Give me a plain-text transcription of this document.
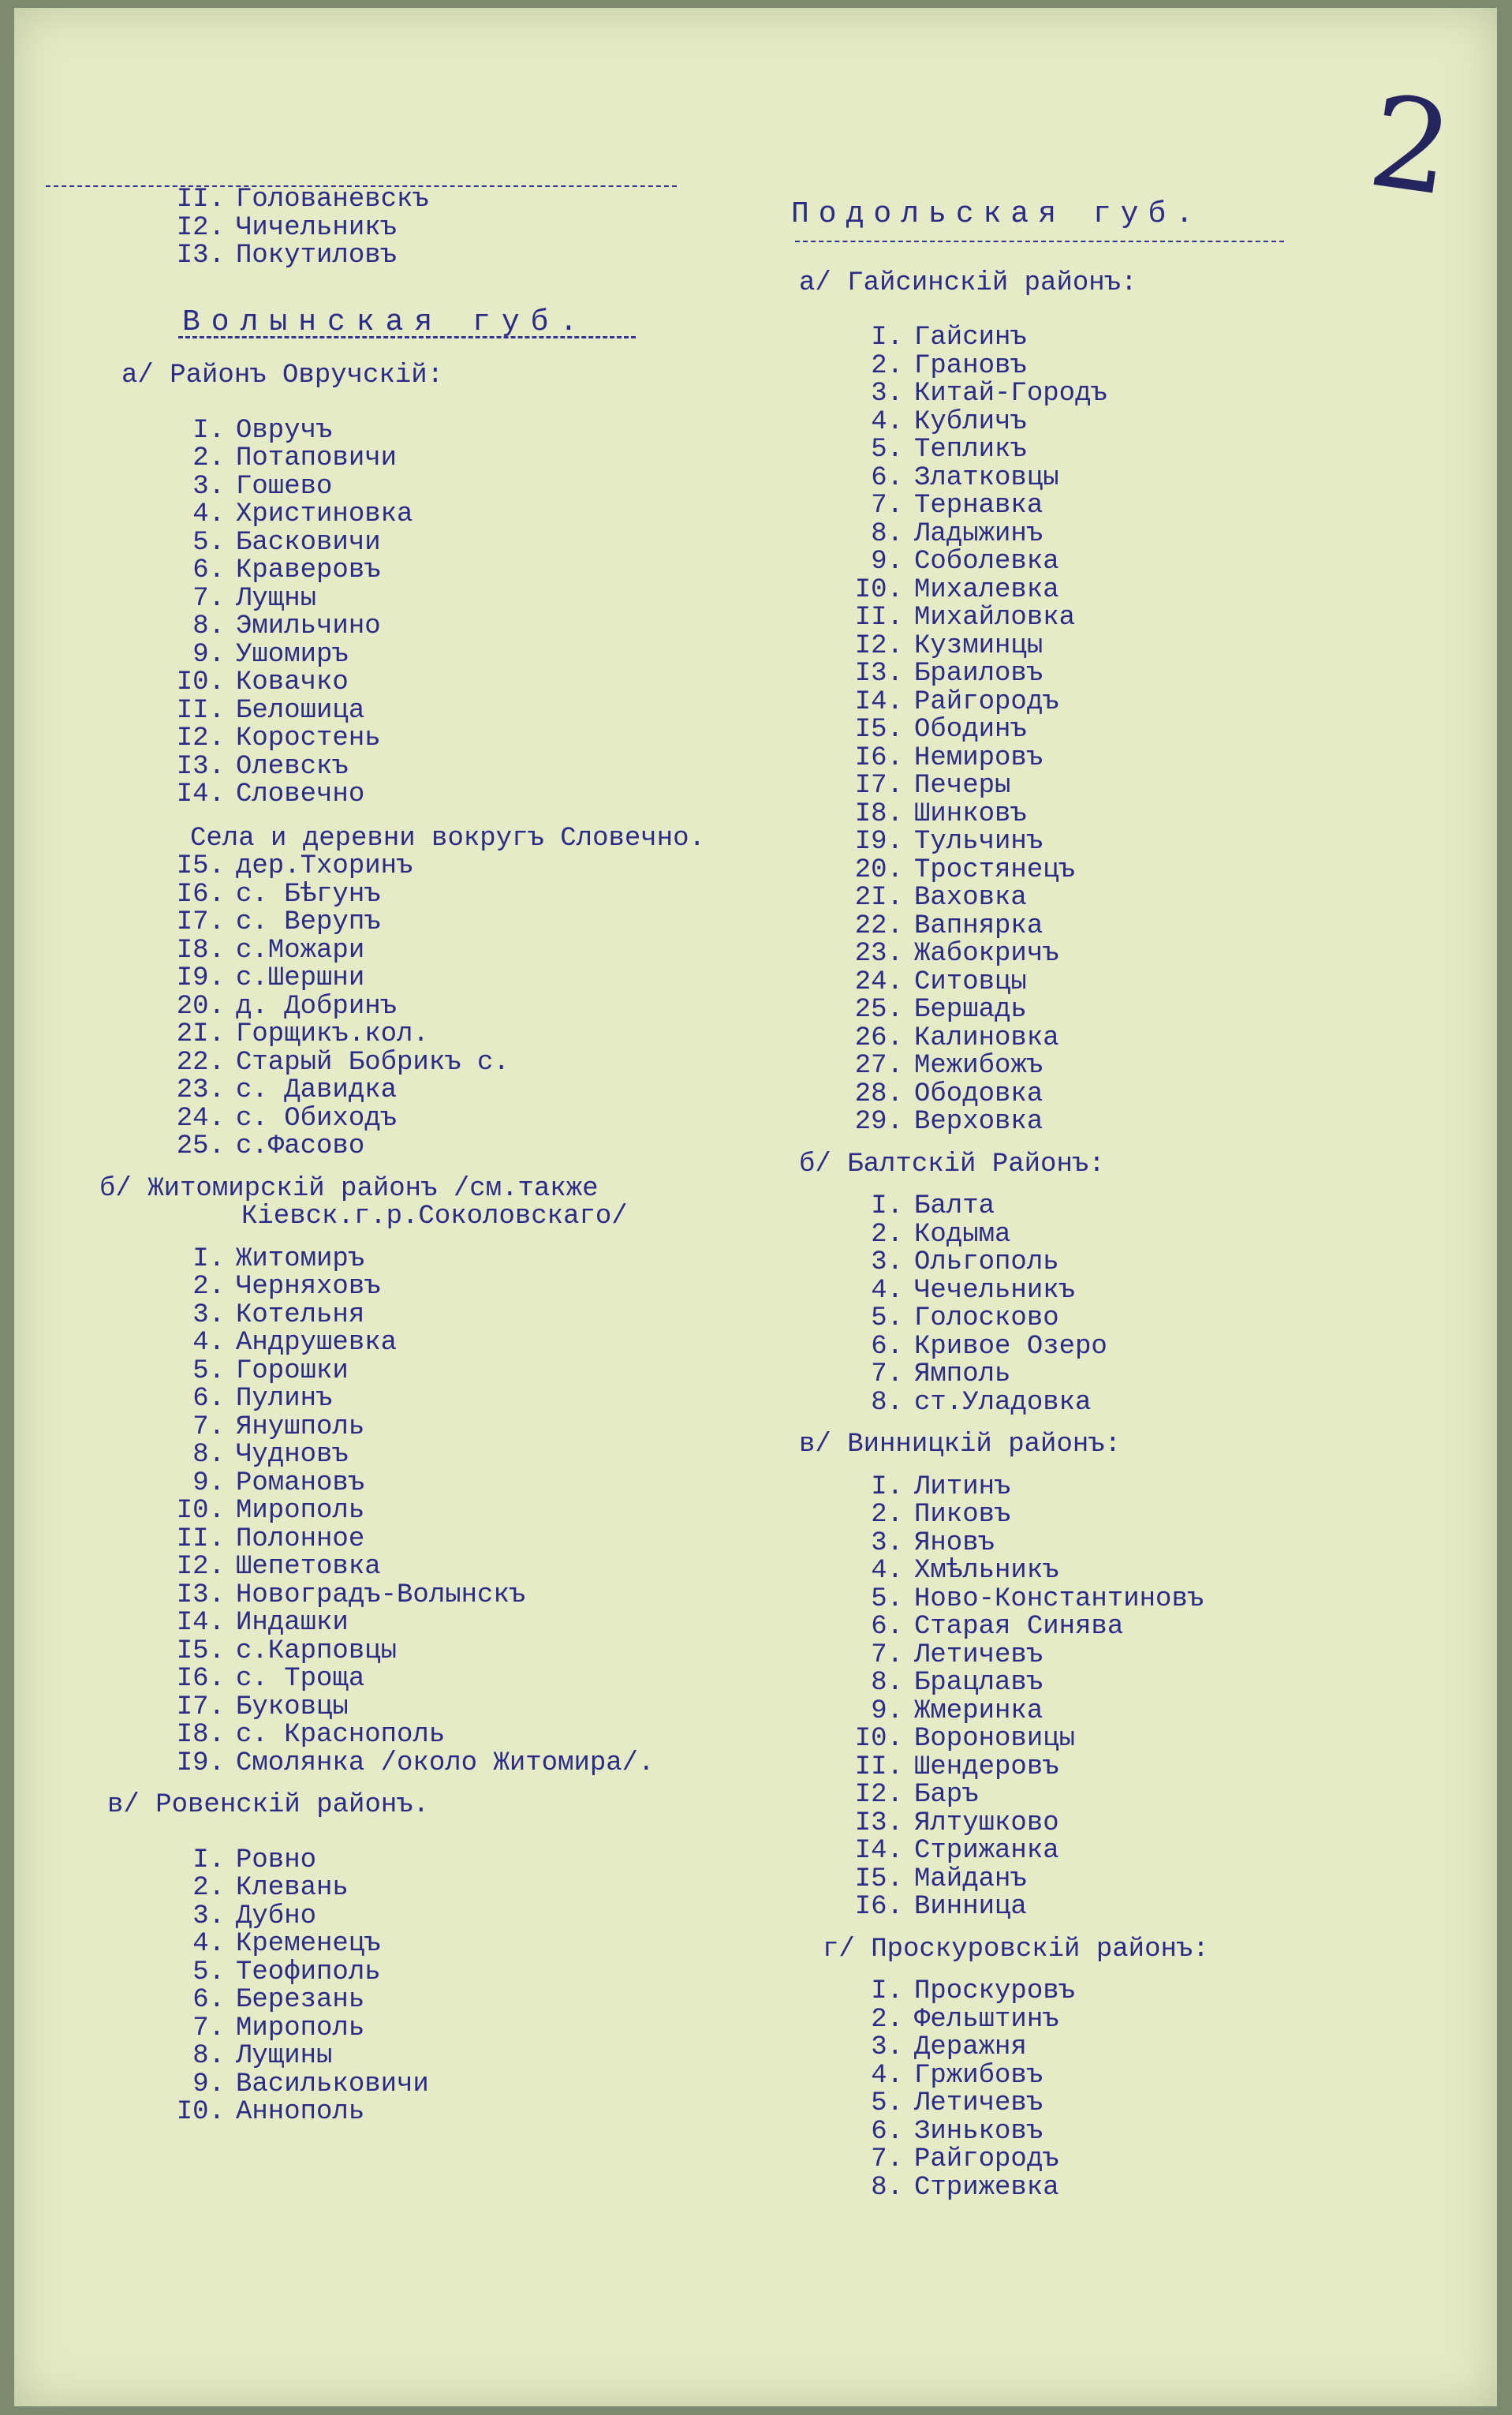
2
II. Голованевскъ
I2. Чичельникъ
I3. Покутиловъ
Волынская губ.
а/ Районъ Овручскій:
I. Овручъ
2. Потаповичи
3. Гошево
4. Христиновка
5. Басковичи
6. Краверовъ
7. Лущны
8. Эмильчино
9. Ушомиръ
I0. Ковачко
II. Белошица
I2. Коростень
I3. Олевскъ
I4. Словечно
Села и деревни вокругъ Словечно.
I5. дер.Тхоринъ
I6. с. Бѣгунъ
I7. с. Верупъ
I8. с.Можари
I9. с.Шершни
20. д. Добринъ
2I. Горщикъ.кол.
22. Старый Бобрикъ с.
23. с. Давидка
24. с. Обиходъ
25. с.Фасово
б/ Житомирскій районъ /см.также
Кіевск.г.р.Соколовскаго/
I. Житомиръ
2. Черняховъ
3. Котельня
4. Андрушевка
5. Горошки
6. Пулинъ
7. Янушполь
8. Чудновъ
9. Романовъ
I0. Мирополь
II. Полонное
I2. Шепетовка
I3. Новоградъ-Волынскъ
I4. Индашки
I5. с.Карповцы
I6. с. Троща
I7. Буковцы
I8. с. Краснополь
I9. Смолянка /около Житомира/.
в/ Ровенскій районъ.
I. Ровно
2. Клевань
3. Дубно
4. Кременецъ
5. Теофиполь
6. Березань
7. Мирополь
8. Лущины
9. Васильковичи
I0. Аннополь
Подольская губ.
а/ Гайсинскій районъ:
I. Гайсинъ
2. Грановъ
3. Китай-Городъ
4. Кубличъ
5. Тепликъ
6. Златковцы
7. Тернавка
8. Ладыжинъ
9. Соболевка
I0. Михалевка
II. Михайловка
I2. Кузминцы
I3. Браиловъ
I4. Райгородъ
I5. Ободинъ
I6. Немировъ
I7. Печеры
I8. Шинковъ
I9. Тульчинъ
20. Тростянецъ
2I. Ваховка
22. Вапнярка
23. Жабокричъ
24. Ситовцы
25. Бершадь
26. Калиновка
27. Межибожъ
28. Ободовка
29. Верховка
б/ Балтскій Районъ:
I. Балта
2. Кодыма
3. Ольгополь
4. Чечельникъ
5. Голосково
6. Кривое Озеро
7. Ямполь
8. ст.Уладовка
в/ Винницкій районъ:
I. Литинъ
2. Пиковъ
3. Яновъ
4. Хмѣльникъ
5. Ново-Константиновъ
6. Старая Синява
7. Летичевъ
8. Брацлавъ
9. Жмеринка
I0. Вороновицы
II. Шендеровъ
I2. Баръ
I3. Ялтушково
I4. Стрижанка
I5. Майданъ
I6. Винница
г/ Проскуровскій районъ:
I. Проскуровъ
2. Фельштинъ
3. Деражня
4. Гржибовъ
5. Летичевъ
6. Зиньковъ
7. Райгородъ
8. Стрижевка
